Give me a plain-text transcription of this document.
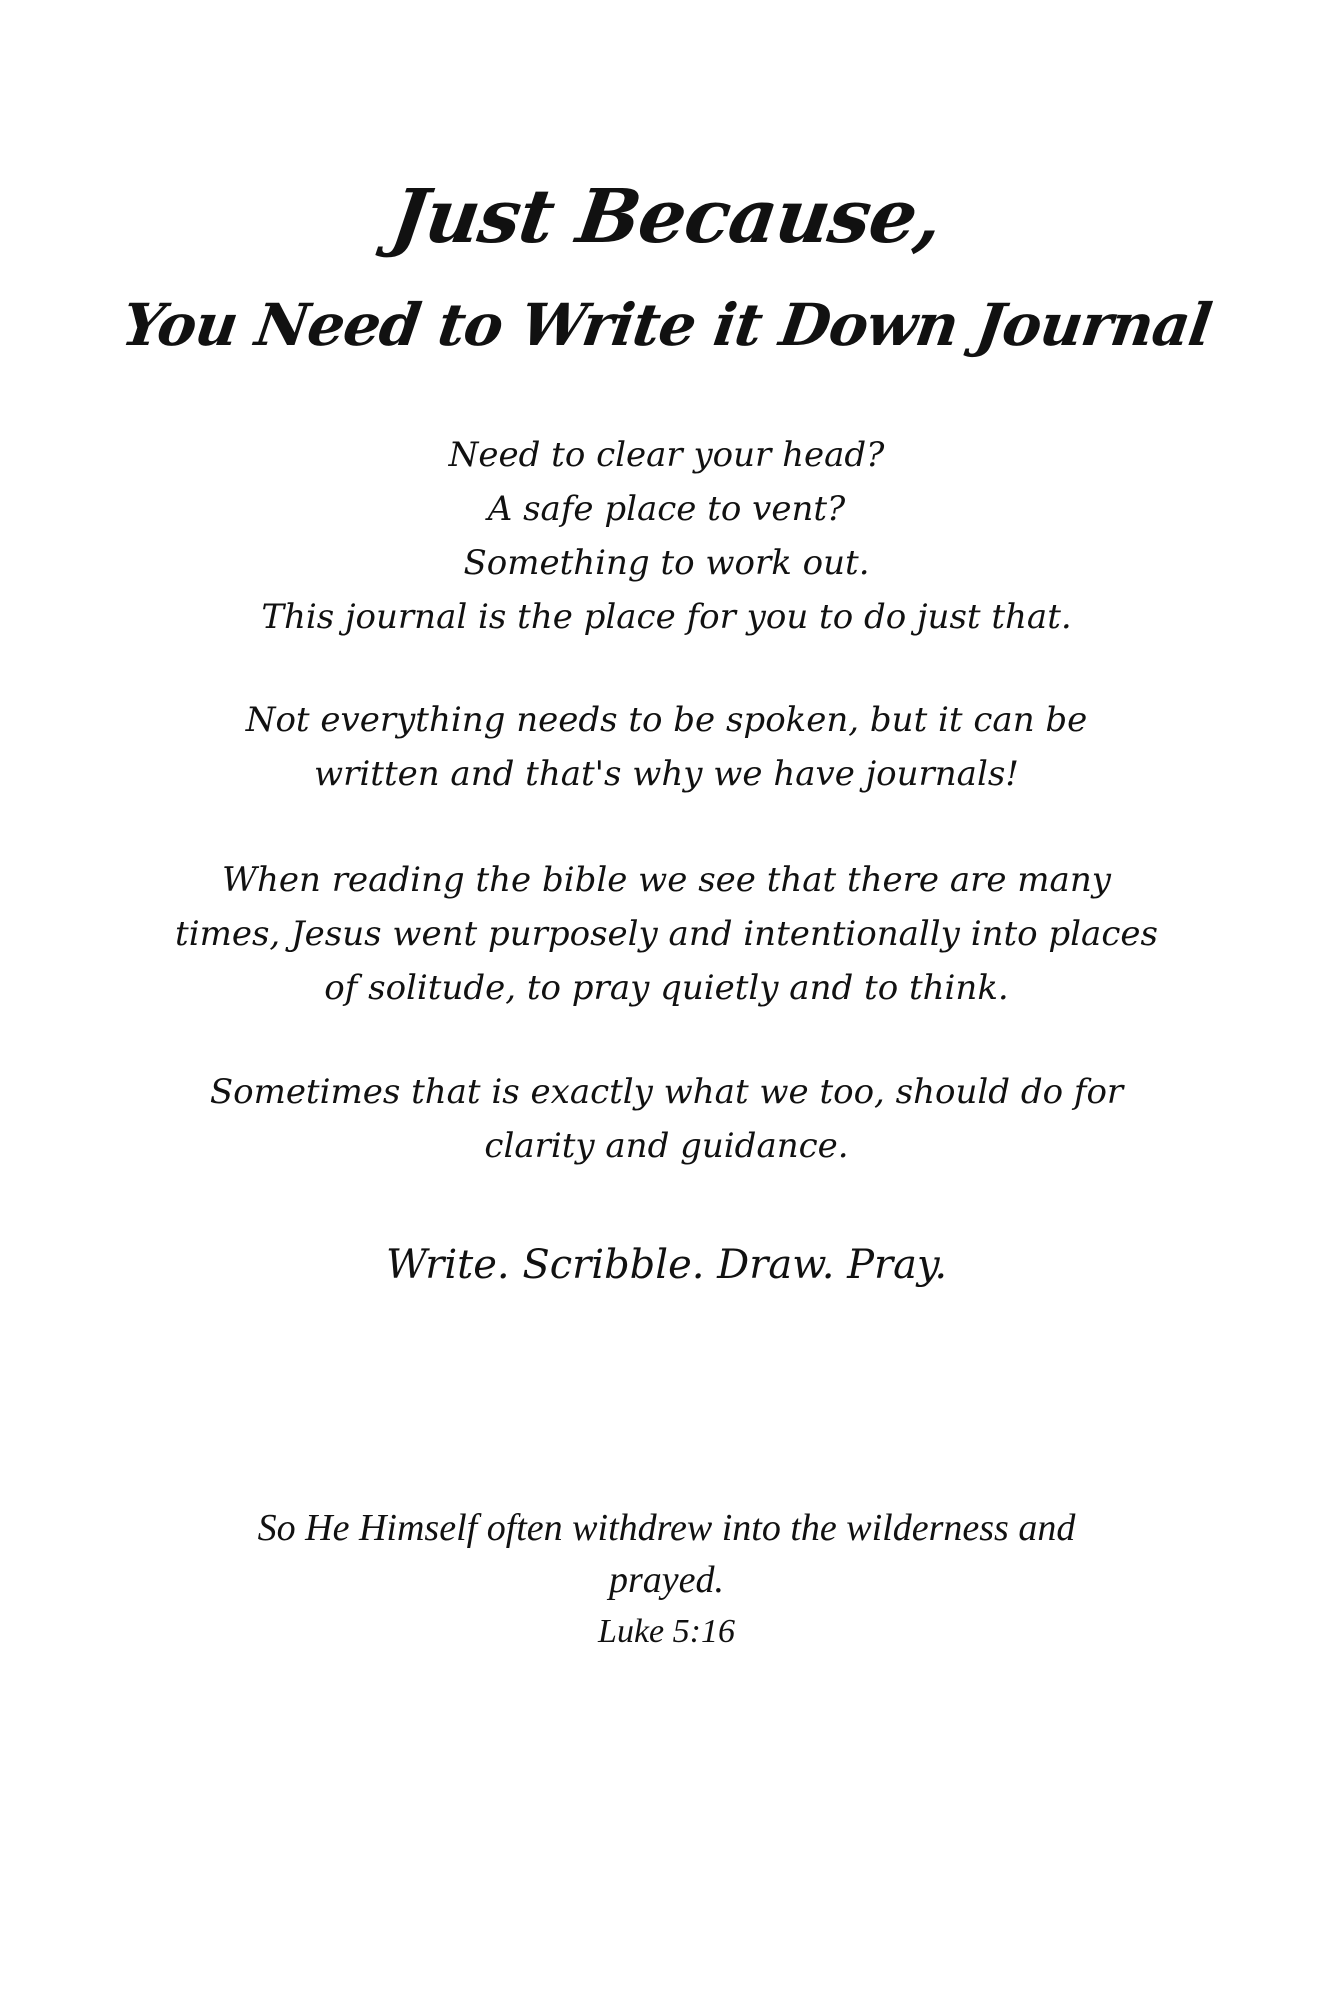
Just Because,
You Need to Write it Down Journal
Need to clear your head?
A safe place to vent?
Something to work out.
This journal is the place for you to do just that.
Not everything needs to be spoken, but it can be
written and that's why we have journals!
When reading the bible we see that there are many
times, Jesus went purposely and intentionally into places
of solitude, to pray quietly and to think.
Sometimes that is exactly what we too, should do for
clarity and guidance.
Write. Scribble. Draw. Pray.
So He Himself often withdrew into the wilderness and
prayed.
Luke 5:16
